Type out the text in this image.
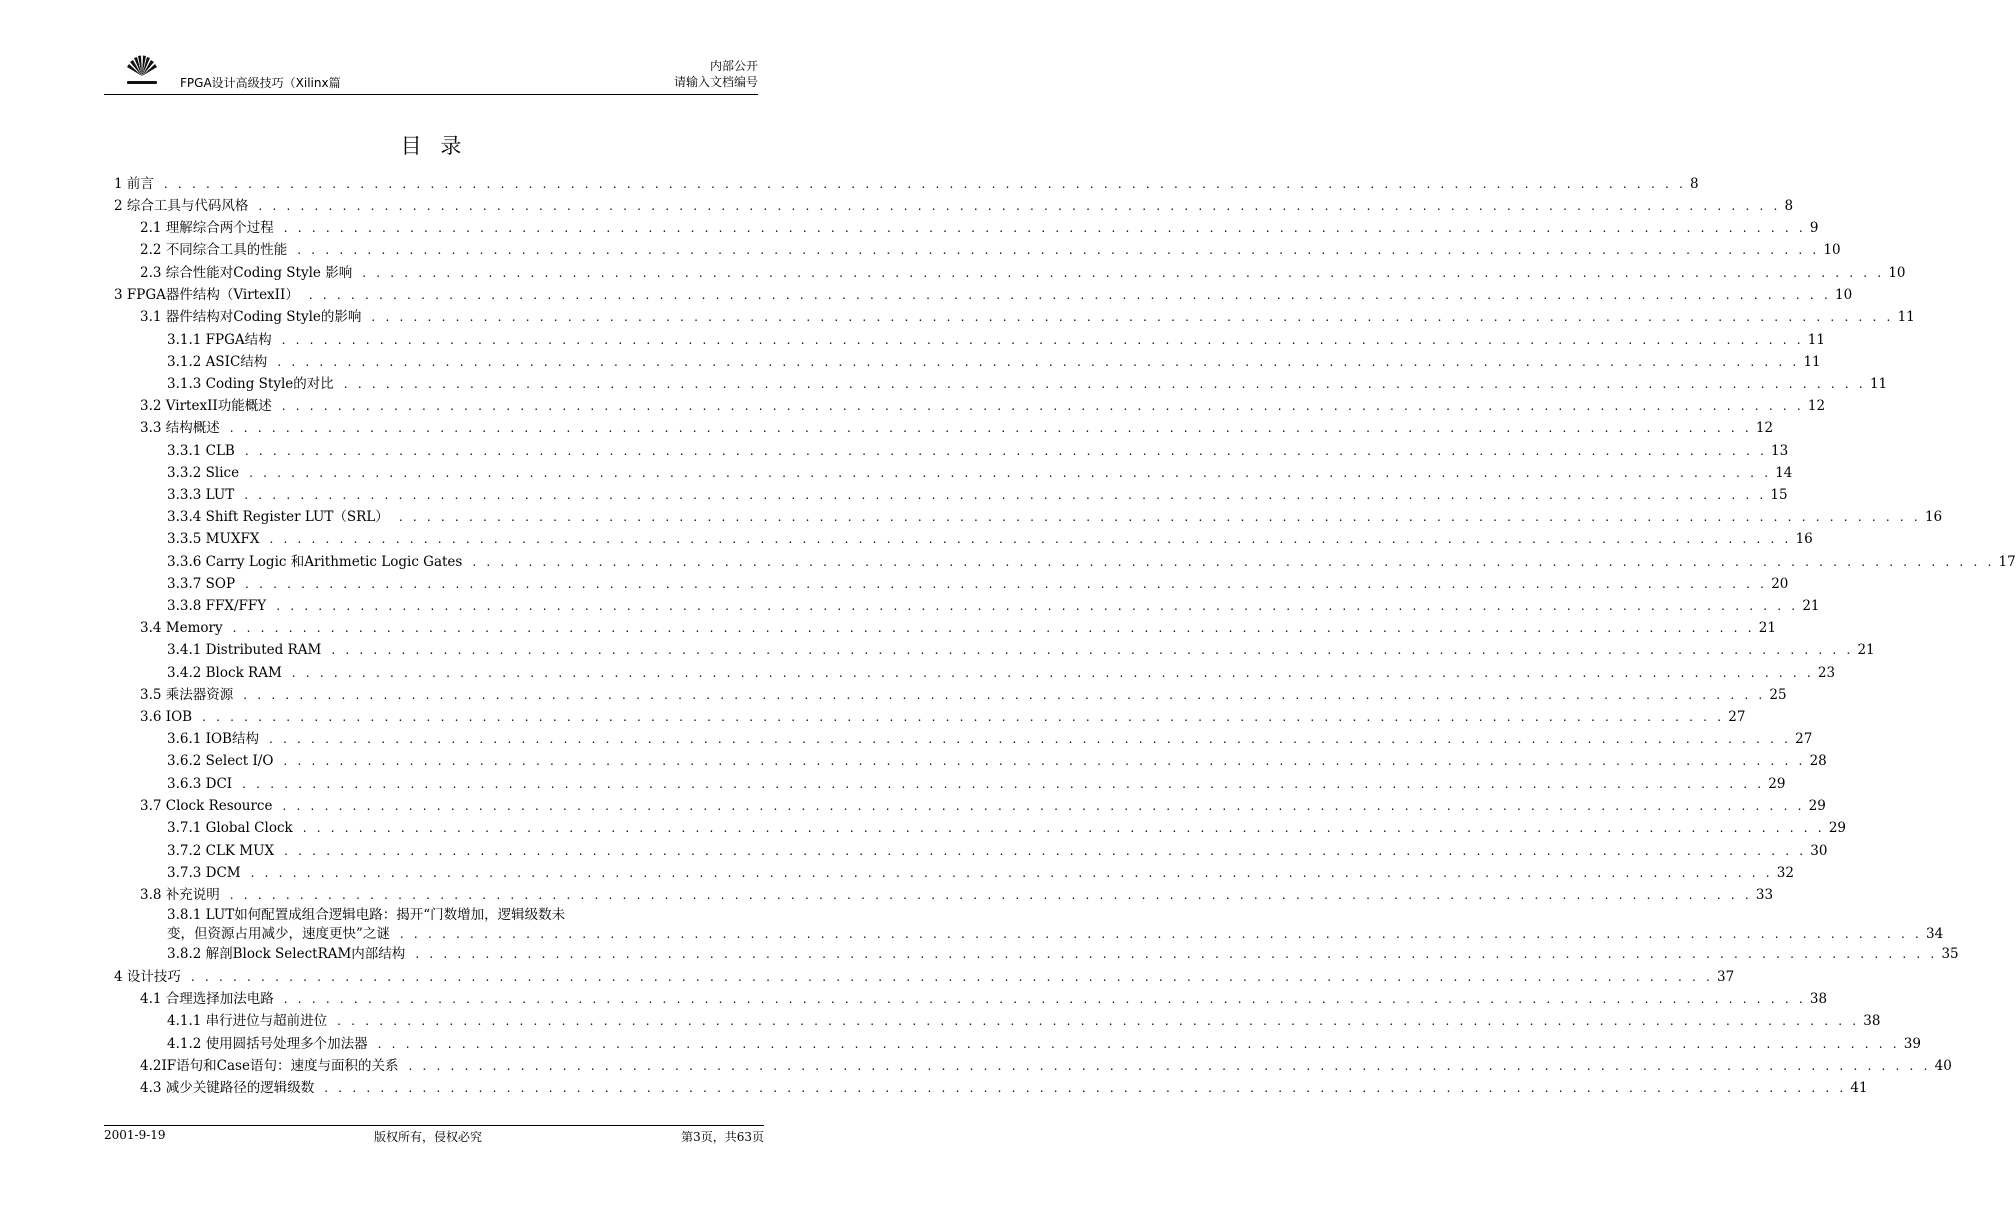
FPGA设计高级技巧（Xilinx篇
内部公开
请输入文档编号
目 录
1 前言 . . .	8
2 综合工具与代码风格 . . .	8
2.1 理解综合两个过程 . . .	9
2.2 不同综合工具的性能 . . .	10
2.3 综合性能对Coding Style 影响 . . .	10
3 FPGA器件结构（VirtexII） . . .	10
3.1 器件结构对Coding Style的影响 . . .	11
3.1.1 FPGA结构 . . .	11
3.1.2 ASIC结构 . . .	11
3.1.3 Coding Style的对比 . . .	11
3.2 VirtexII功能概述 . . .	12
3.3 结构概述 . . .	12
3.3.1 CLB . . .	13
3.3.2 Slice . . .	14
3.3.3 LUT . . .	15
3.3.4 Shift Register LUT（SRL） . . .	16
3.3.5 MUXFX . . .	16
3.3.6 Carry Logic 和Arithmetic Logic Gates . . .	17
3.3.7 SOP . . .	20
3.3.8 FFX/FFY . . .	21
3.4 Memory . . .	21
3.4.1 Distributed RAM . . .	21
3.4.2 Block RAM . . .	23
3.5 乘法器资源 . . .	25
3.6 IOB . . .	27
3.6.1 IOB结构 . . .	27
3.6.2 Select I/O . . .	28
3.6.3 DCI . . .	29
3.7 Clock Resource . . .	29
3.7.1 Global Clock . . .	29
3.7.2 CLK MUX . . .	30
3.7.3 DCM . . .	32
3.8 补充说明 . . .	33
3.8.1 LUT如何配置成组合逻辑电路：揭开“门数增加，逻辑级数未
变，但资源占用减少，速度更快”之谜 . . .	34
3.8.2 解剖Block SelectRAM内部结构 . . .	35
4 设计技巧 . . .	37
4.1 合理选择加法电路 . . .	38
4.1.1 串行进位与超前进位 . . .	38
4.1.2 使用圆括号处理多个加法器 . . .	39
4.2IF语句和Case语句：速度与面积的关系 . . .	40
4.3 减少关键路径的逻辑级数 . . .	41
2001-9-19	版权所有，侵权必究	第3页，共63页
